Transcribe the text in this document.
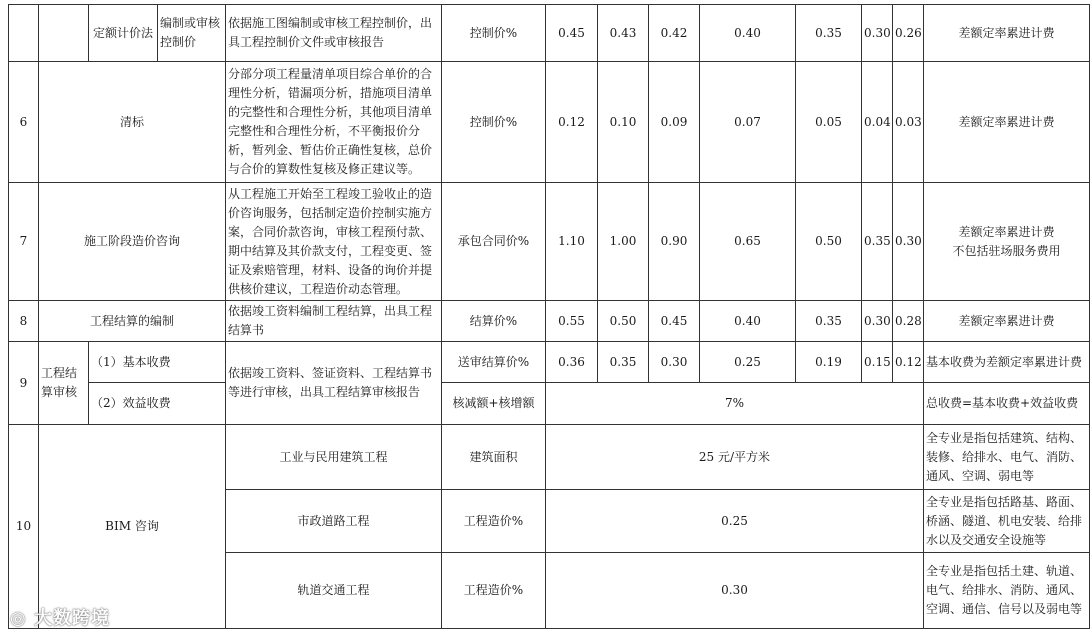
		定额计价法	编制或审核控制价	依据施工图编制或审核工程控制价，出具工程控制价文件或审核报告	控制价%	0.45	0.43	0.42	0.40	0.35	0.30	0.26	差额定率累进计费
6	清标			分部分项工程量清单项目综合单价的合理性分析，错漏项分析，措施项目清单的完整性和合理性分析，其他项目清单完整性和合理性分析，不平衡报价分析，暂列金、暂估价正确性复核，总价与合价的算数性复核及修正建议等。	控制价%	0.12	0.10	0.09	0.07	0.05	0.04	0.03	差额定率累进计费
7	施工阶段造价咨询			从工程施工开始至工程竣工验收止的造价咨询服务，包括制定造价控制实施方案，合同价款咨询，审核工程预付款、期中结算及其价款支付，工程变更、签证及索赔管理，材料、设备的询价并提供核价建议，工程造价动态管理。	承包合同价%	1.10	1.00	0.90	0.65	0.50	0.35	0.30	差额定率累进计费
不包括驻场服务费用

8	工程结算的编制			依据竣工资料编制工程结算，出具工程结算书	结算价%	0.55	0.50	0.45	0.40	0.35	0.30	0.28	差额定率累进计费
9	工程结算审核	（1）基本收费		依据竣工资料、签证资料、工程结算书等进行审核，出具工程结算审核报告	送审结算价%	0.36	0.35	0.30	0.25	0.19	0.15	0.12	基本收费为差额定率累进计费
		（2）效益收费			核减额+核增额	7%							总收费=基本收费+效益收费
10	BIM 咨询			工业与民用建筑工程	建筑面积	25 元/平方米							全专业是指包括建筑、结构、装修、给排水、电气、消防、通风、空调、弱电等
				市政道路工程	工程造价%	0.25							全专业是指包括路基、路面、桥涵、隧道、机电安装、给排水以及交通安全设施等
				轨道交通工程	工程造价%	0.30							全专业是指包括土建、轨道、电气、给排水、消防、通风、空调、通信、信号以及弱电等
◎ 大数跨境
